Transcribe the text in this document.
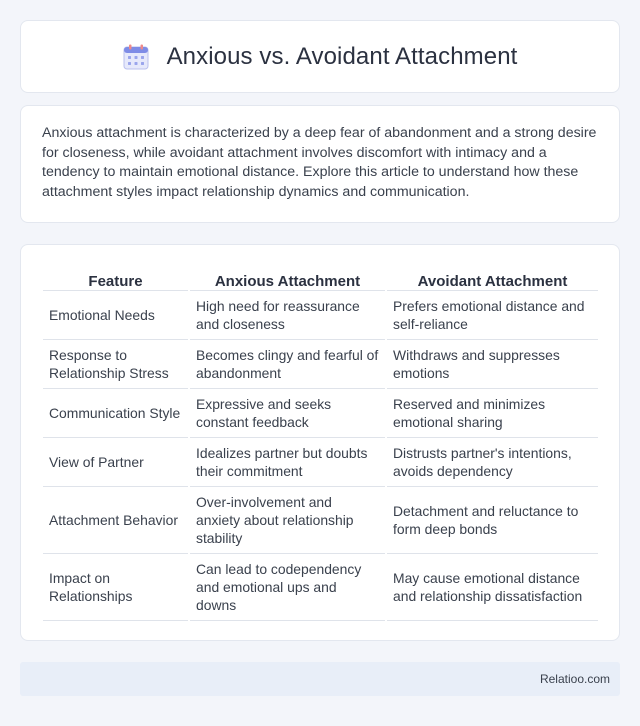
Anxious vs. Avoidant Attachment

Anxious attachment is characterized by a deep fear of abandonment and a strong desire for closeness, while avoidant attachment involves discomfort with intimacy and a tendency to maintain emotional distance. Explore this article to understand how these attachment styles impact relationship dynamics and communication.

Feature	Anxious Attachment	Avoidant Attachment
Emotional Needs	High need for reassurance and closeness	Prefers emotional distance and self-reliance
Response to Relationship Stress	Becomes clingy and fearful of abandonment	Withdraws and suppresses emotions
Communication Style	Expressive and seeks constant feedback	Reserved and minimizes emotional sharing
View of Partner	Idealizes partner but doubts their commitment	Distrusts partner's intentions, avoids dependency
Attachment Behavior	Over-involvement and anxiety about relationship stability	Detachment and reluctance to form deep bonds
Impact on Relationships	Can lead to codependency and emotional ups and downs	May cause emotional distance and relationship dissatisfaction
Relatioo.com
